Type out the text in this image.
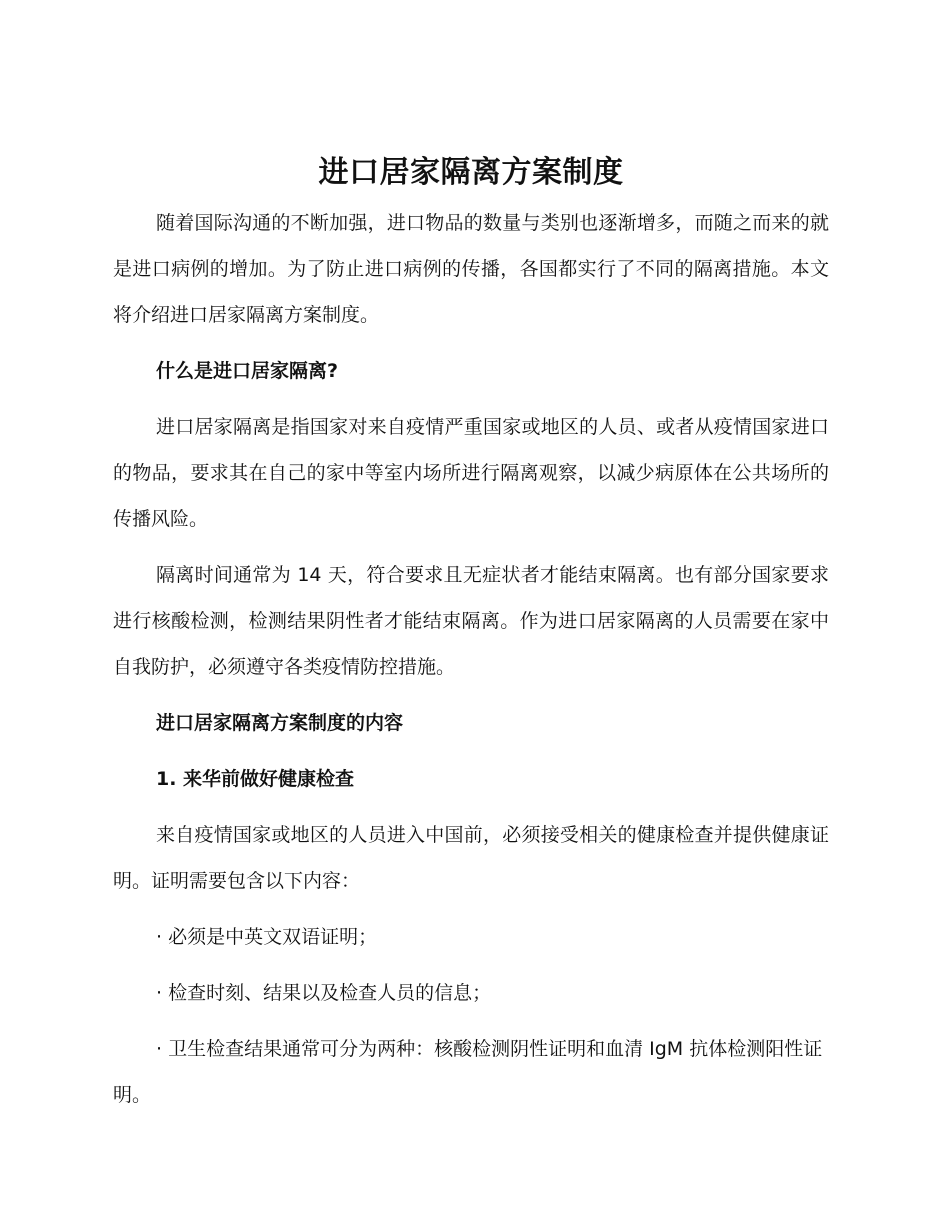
进口居家隔离方案制度

随着国际沟通的不断加强，进口物品的数量与类别也逐渐增多，而随之而来的就是进口病例的增加。为了防止进口病例的传播，各国都实行了不同的隔离措施。本文将介绍进口居家隔离方案制度。

什么是进口居家隔离?

进口居家隔离是指国家对来自疫情严重国家或地区的人员、或者从疫情国家进口的物品，要求其在自己的家中等室内场所进行隔离观察，以减少病原体在公共场所的传播风险。

隔离时间通常为 14 天，符合要求且无症状者才能结束隔离。也有部分国家要求进行核酸检测，检测结果阴性者才能结束隔离。作为进口居家隔离的人员需要在家中自我防护，必须遵守各类疫情防控措施。

进口居家隔离方案制度的内容

1. 来华前做好健康检查

来自疫情国家或地区的人员进入中国前，必须接受相关的健康检查并提供健康证明。证明需要包含以下内容：

· 必须是中英文双语证明；

· 检查时刻、结果以及检查人员的信息；

· 卫生检查结果通常可分为两种：核酸检测阴性证明和血清 IgM 抗体检测阳性证明。
